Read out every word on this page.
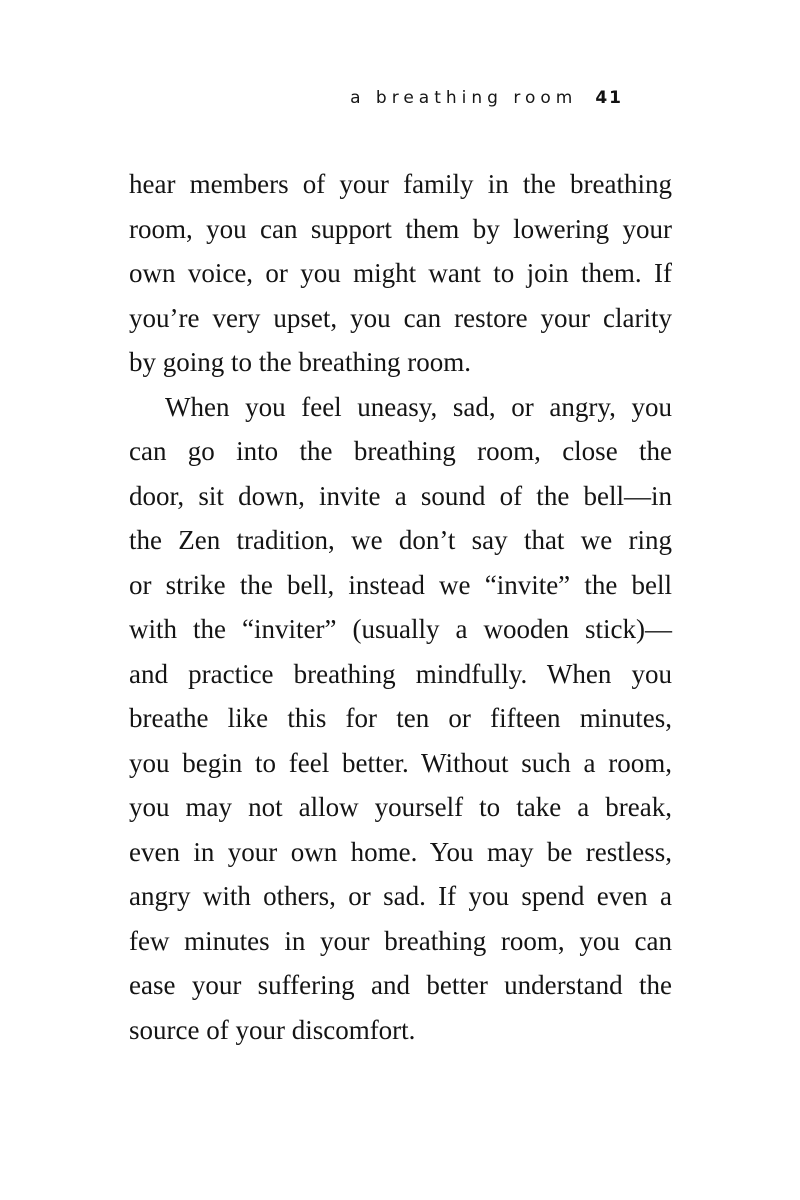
a breathing room 41
hear members of your family in the breathing
room, you can support them by lowering your
own voice, or you might want to join them. If
you’re very upset, you can restore your clarity
by going to the breathing room.
When you feel uneasy, sad, or angry, you
can go into the breathing room, close the
door, sit down, invite a sound of the bell—in
the Zen tradition, we don’t say that we ring
or strike the bell, instead we “invite” the bell
with the “inviter” (usually a wooden stick)—
and practice breathing mindfully. When you
breathe like this for ten or fifteen minutes,
you begin to feel better. Without such a room,
you may not allow yourself to take a break,
even in your own home. You may be restless,
angry with others, or sad. If you spend even a
few minutes in your breathing room, you can
ease your suffering and better understand the
source of your discomfort.
